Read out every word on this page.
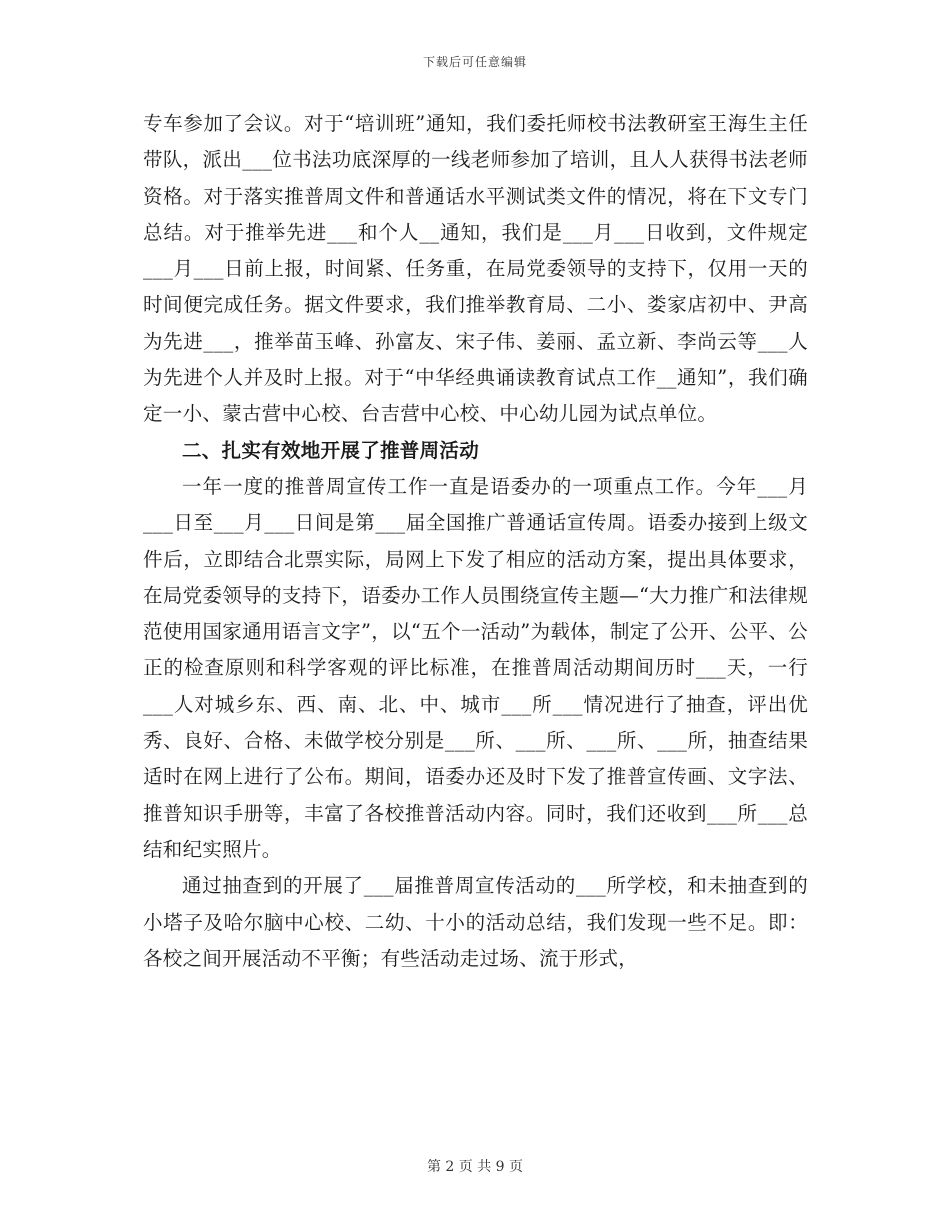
下载后可任意编辑

专车参加了会议。对于“培训班”通知，我们委托师校书法教研室王海生主任带队，派出___位书法功底深厚的一线老师参加了培训，且人人获得书法老师资格。对于落实推普周文件和普通话水平测试类文件的情况，将在下文专门总结。对于推举先进___和个人__通知，我们是___月___日收到，文件规定___月___日前上报，时间紧、任务重，在局党委领导的支持下，仅用一天的时间便完成任务。据文件要求，我们推举教育局、二小、娄家店初中、尹高为先进___，推举苗玉峰、孙富友、宋子伟、姜丽、孟立新、李尚云等___人为先进个人并及时上报。对于“中华经典诵读教育试点工作__通知”，我们确定一小、蒙古营中心校、台吉营中心校、中心幼儿园为试点单位。

二、扎实有效地开展了推普周活动

一年一度的推普周宣传工作一直是语委办的一项重点工作。今年___月___日至___月___日间是第___届全国推广普通话宣传周。语委办接到上级文件后，立即结合北票实际，局网上下发了相应的活动方案，提出具体要求，在局党委领导的支持下，语委办工作人员围绕宣传主题—“大力推广和法律规范使用国家通用语言文字”，以“五个一活动”为载体，制定了公开、公平、公正的检查原则和科学客观的评比标准，在推普周活动期间历时___天，一行___人对城乡东、西、南、北、中、城市___所___情况进行了抽查，评出优秀、良好、合格、未做学校分别是___所、___所、___所、___所，抽查结果适时在网上进行了公布。期间，语委办还及时下发了推普宣传画、文字法、推普知识手册等，丰富了各校推普活动内容。同时，我们还收到___所___总结和纪实照片。

通过抽查到的开展了___届推普周宣传活动的___所学校，和未抽查到的小塔子及哈尔脑中心校、二幼、十小的活动总结，我们发现一些不足。即：各校之间开展活动不平衡；有些活动走过场、流于形式，

第 2 页 共 9 页
